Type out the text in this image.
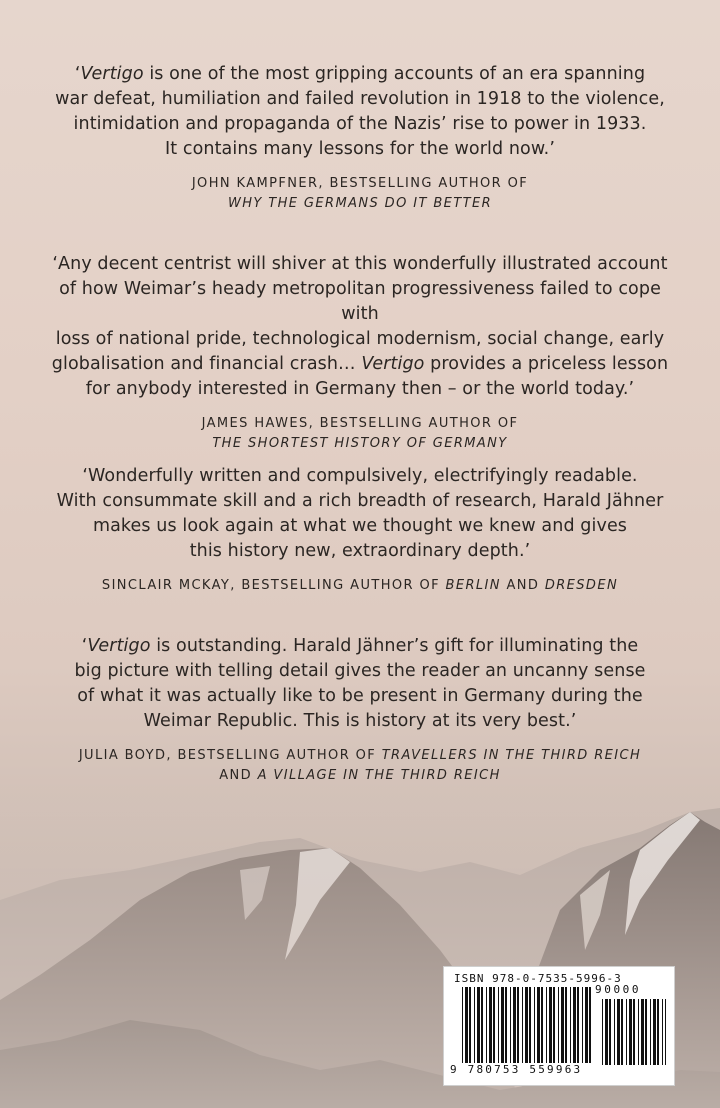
‘Vertigo is one of the most gripping accounts of an era spanning
war defeat, humiliation and failed revolution in 1918 to the violence,
intimidation and propaganda of the Nazis’ rise to power in 1933.
It contains many lessons for the world now.’

JOHN KAMPFNER, BESTSELLING AUTHOR OF
WHY THE GERMANS DO IT BETTER

‘Any decent centrist will shiver at this wonderfully illustrated account
of how Weimar’s heady metropolitan progressiveness failed to cope with
loss of national pride, technological modernism, social change, early
globalisation and financial crash… Vertigo provides a priceless lesson
for anybody interested in Germany then – or the world today.’

JAMES HAWES, BESTSELLING AUTHOR OF
THE SHORTEST HISTORY OF GERMANY

‘Wonderfully written and compulsively, electrifyingly readable.
With consummate skill and a rich breadth of research, Harald Jähner
makes us look again at what we thought we knew and gives
this history new, extraordinary depth.’

SINCLAIR MCKAY, BESTSELLING AUTHOR OF BERLIN AND DRESDEN

‘Vertigo is outstanding. Harald Jähner’s gift for illuminating the
big picture with telling detail gives the reader an uncanny sense
of what it was actually like to be present in Germany during the
Weimar Republic. This is history at its very best.’

JULIA BOYD, BESTSELLING AUTHOR OF TRAVELLERS IN THE THIRD REICH
AND A VILLAGE IN THE THIRD REICH

ISBN 978-0-7535-5996-3
90000
9 780753 559963
